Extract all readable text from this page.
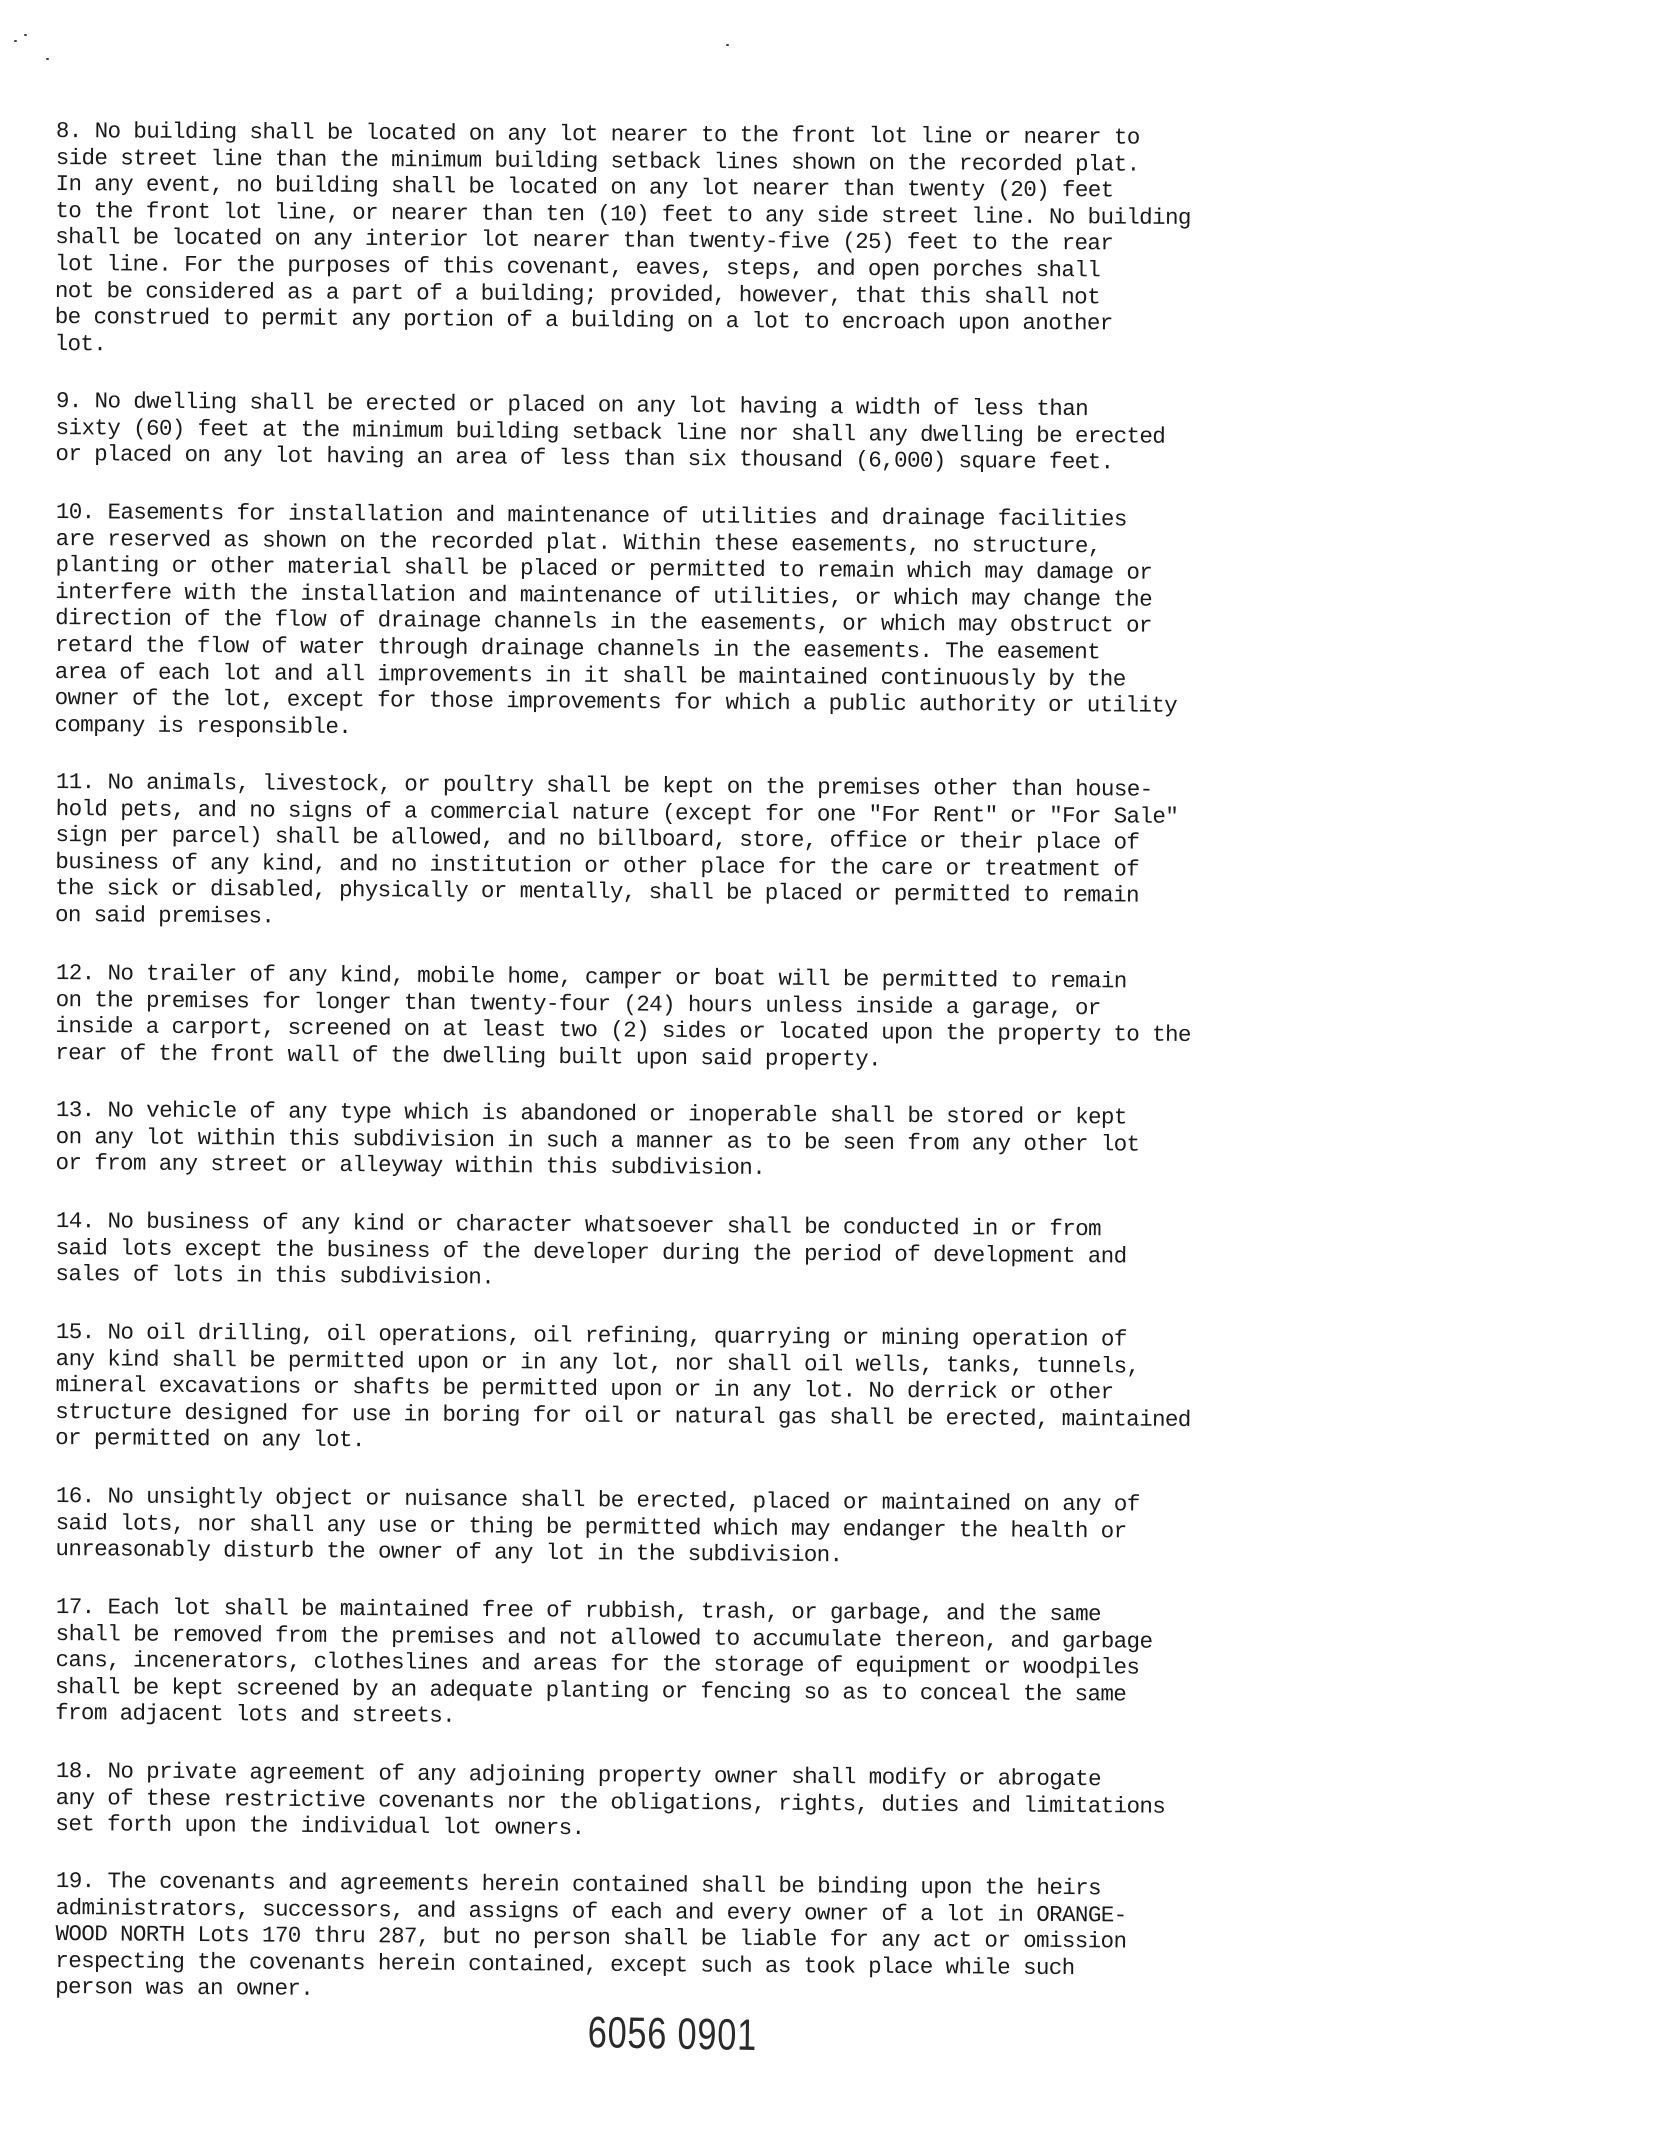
8. No building shall be located on any lot nearer to the front lot line or nearer to
side street line than the minimum building setback lines shown on the recorded plat.
In any event, no building shall be located on any lot nearer than twenty (20) feet
to the front lot line, or nearer than ten (10) feet to any side street line. No building
shall be located on any interior lot nearer than twenty-five (25) feet to the rear
lot line. For the purposes of this covenant, eaves, steps, and open porches shall
not be considered as a part of a building; provided, however, that this shall not
be construed to permit any portion of a building on a lot to encroach upon another
lot.

9. No dwelling shall be erected or placed on any lot having a width of less than
sixty (60) feet at the minimum building setback line nor shall any dwelling be erected
or placed on any lot having an area of less than six thousand (6,000) square feet.

10. Easements for installation and maintenance of utilities and drainage facilities
are reserved as shown on the recorded plat. Within these easements, no structure,
planting or other material shall be placed or permitted to remain which may damage or
interfere with the installation and maintenance of utilities, or which may change the
direction of the flow of drainage channels in the easements, or which may obstruct or
retard the flow of water through drainage channels in the easements. The easement
area of each lot and all improvements in it shall be maintained continuously by the
owner of the lot, except for those improvements for which a public authority or utility
company is responsible.

11. No animals, livestock, or poultry shall be kept on the premises other than house-
hold pets, and no signs of a commercial nature (except for one "For Rent" or "For Sale"
sign per parcel) shall be allowed, and no billboard, store, office or their place of
business of any kind, and no institution or other place for the care or treatment of
the sick or disabled, physically or mentally, shall be placed or permitted to remain
on said premises.

12. No trailer of any kind, mobile home, camper or boat will be permitted to remain
on the premises for longer than twenty-four (24) hours unless inside a garage, or
inside a carport, screened on at least two (2) sides or located upon the property to the
rear of the front wall of the dwelling built upon said property.

13. No vehicle of any type which is abandoned or inoperable shall be stored or kept
on any lot within this subdivision in such a manner as to be seen from any other lot
or from any street or alleyway within this subdivision.

14. No business of any kind or character whatsoever shall be conducted in or from
said lots except the business of the developer during the period of development and
sales of lots in this subdivision.

15. No oil drilling, oil operations, oil refining, quarrying or mining operation of
any kind shall be permitted upon or in any lot, nor shall oil wells, tanks, tunnels,
mineral excavations or shafts be permitted upon or in any lot. No derrick or other
structure designed for use in boring for oil or natural gas shall be erected, maintained
or permitted on any lot.

16. No unsightly object or nuisance shall be erected, placed or maintained on any of
said lots, nor shall any use or thing be permitted which may endanger the health or
unreasonably disturb the owner of any lot in the subdivision.

17. Each lot shall be maintained free of rubbish, trash, or garbage, and the same
shall be removed from the premises and not allowed to accumulate thereon, and garbage
cans, incenerators, clotheslines and areas for the storage of equipment or woodpiles
shall be kept screened by an adequate planting or fencing so as to conceal the same
from adjacent lots and streets.

18. No private agreement of any adjoining property owner shall modify or abrogate
any of these restrictive covenants nor the obligations, rights, duties and limitations
set forth upon the individual lot owners.

19. The covenants and agreements herein contained shall be binding upon the heirs
administrators, successors, and assigns of each and every owner of a lot in ORANGE-
WOOD NORTH Lots 170 thru 287, but no person shall be liable for any act or omission
respecting the covenants herein contained, except such as took place while such
person was an owner.

6056 0901
